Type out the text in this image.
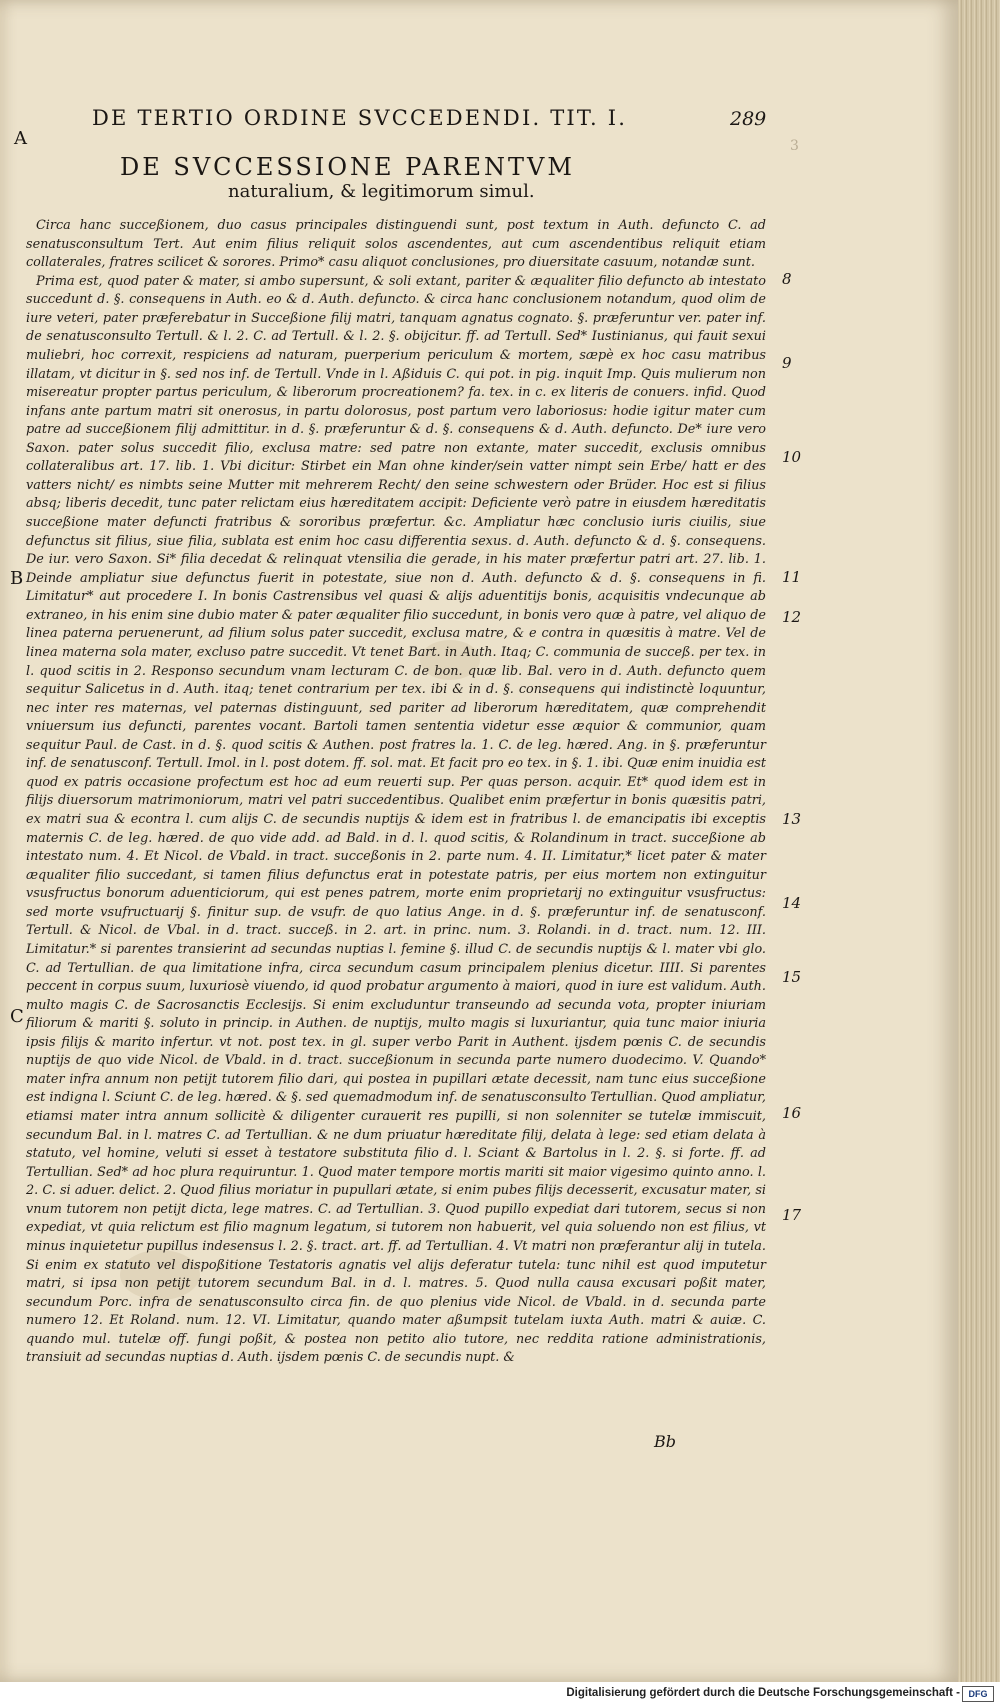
DE TERTIO ORDINE SVCCEDENDI. TIT. I.	289
3
A
B
C
DE SVCCESSIONE PARENTVM
naturalium, & legitimorum simul.

Circa hanc succeßionem, duo casus principales distinguendi sunt, post textum in Auth. defuncto C. ad senatusconsultum Tert. Aut enim filius reliquit solos ascendentes, aut cum ascendentibus reliquit etiam collaterales, fratres scilicet & sorores. Primo* casu aliquot conclusiones, pro diuersitate casuum, notandæ sunt.

Prima est, quod pater & mater, si ambo supersunt, & soli extant, pariter & æqualiter filio defuncto ab intestato succedunt d. §. consequens in Auth. eo & d. Auth. defuncto. & circa hanc conclusionem notandum, quod olim de iure veteri, pater præferebatur in Succeßione filij matri, tanquam agnatus cognato. §. præferuntur ver. pater inf. de senatusconsulto Tertull. & l. 2. C. ad Tertull. & l. 2. §. obijcitur. ff. ad Tertull. Sed* Iustinianus, qui fauit sexui muliebri, hoc correxit, respiciens ad naturam, puerperium periculum & mortem, sæpè ex hoc casu matribus illatam, vt dicitur in §. sed nos inf. de Tertull. Vnde in l. Aßiduis C. qui pot. in pig. inquit Imp. Quis mulierum non misereatur propter partus periculum, & liberorum procreationem? fa. tex. in c. ex literis de conuers. infid. Quod infans ante partum matri sit onerosus, in partu dolorosus, post partum vero laboriosus: hodie igitur mater cum patre ad succeßionem filij admittitur. in d. §. præferuntur & d. §. consequens & d. Auth. defuncto. De* iure vero Saxon. pater solus succedit filio, exclusa matre: sed patre non extante, mater succedit, exclusis omnibus collateralibus art. 17. lib. 1. Vbi dicitur: Stirbet ein Man ohne kinder/sein vatter nimpt sein Erbe/ hatt er des vatters nicht/ es nimbts seine Mutter mit mehrerem Recht/ den seine schwestern oder Brüder. Hoc est si filius absq; liberis decedit, tunc pater relictam eius hæreditatem accipit: Deficiente verò patre in eiusdem hæreditatis succeßione mater defuncti fratribus & sororibus præfertur. &c. Ampliatur hæc conclusio iuris ciuilis, siue defunctus sit filius, siue filia, sublata est enim hoc casu differentia sexus. d. Auth. defuncto & d. §. consequens. De iur. vero Saxon. Si* filia decedat & relinquat vtensilia die gerade, in his mater præfertur patri art. 27. lib. 1. Deinde ampliatur siue defunctus fuerit in potestate, siue non d. Auth. defuncto & d. §. consequens in fi. Limitatur* aut procedere I. In bonis Castrensibus vel quasi & alijs aduentitijs bonis, acquisitis vndecunque ab extraneo, in his enim sine dubio mater & pater æqualiter filio succedunt, in bonis vero quæ à patre, vel aliquo de linea paterna peruenerunt, ad filium solus pater succedit, exclusa matre, & e contra in quæsitis à matre. Vel de linea materna sola mater, excluso patre succedit. Vt tenet Bart. in Auth. Itaq; C. communia de succeß. per tex. in l. quod scitis in 2. Responso secundum vnam lecturam C. de bon. quæ lib. Bal. vero in d. Auth. defuncto quem sequitur Salicetus in d. Auth. itaq; tenet contrarium per tex. ibi & in d. §. consequens qui indistinctè loquuntur, nec inter res maternas, vel paternas distinguunt, sed pariter ad liberorum hæreditatem, quæ comprehendit vniuersum ius defuncti, parentes vocant. Bartoli tamen sententia videtur esse æquior & communior, quam sequitur Paul. de Cast. in d. §. quod scitis & Authen. post fratres la. 1. C. de leg. hæred. Ang. in §. præferuntur inf. de senatusconf. Tertull. Imol. in l. post dotem. ff. sol. mat. Et facit pro eo tex. in §. 1. ibi. Quæ enim inuidia est quod ex patris occasione profectum est hoc ad eum reuerti sup. Per quas person. acquir. Et* quod idem est in filijs diuersorum matrimoniorum, matri vel patri succedentibus. Qualibet enim præfertur in bonis quæsitis patri, ex matri sua & econtra l. cum alijs C. de secundis nuptijs & idem est in fratribus l. de emancipatis ibi exceptis maternis C. de leg. hæred. de quo vide add. ad Bald. in d. l. quod scitis, & Rolandinum in tract. succeßione ab intestato num. 4. Et Nicol. de Vbald. in tract. succeßonis in 2. parte num. 4. II. Limitatur,* licet pater & mater æqualiter filio succedant, si tamen filius defunctus erat in potestate patris, per eius mortem non extinguitur vsusfructus bonorum aduenticiorum, qui est penes patrem, morte enim proprietarij no extinguitur vsusfructus: sed morte vsufructuarij §. finitur sup. de vsufr. de quo latius Ange. in d. §. præferuntur inf. de senatusconf. Tertull. & Nicol. de Vbal. in d. tract. succeß. in 2. art. in princ. num. 3. Rolandi. in d. tract. num. 12. III. Limitatur.* si parentes transierint ad secundas nuptias l. femine §. illud C. de secundis nuptijs & l. mater vbi glo. C. ad Tertullian. de qua limitatione infra, circa secundum casum principalem plenius dicetur. IIII. Si parentes peccent in corpus suum, luxuriosè viuendo, id quod probatur argumento à maiori, quod in iure est validum. Auth. multo magis C. de Sacrosanctis Ecclesijs. Si enim excluduntur transeundo ad secunda vota, propter iniuriam filiorum & mariti §. soluto in princip. in Authen. de nuptijs, multo magis si luxuriantur, quia tunc maior iniuria ipsis filijs & marito infertur. vt not. post tex. in gl. super verbo Parit in Authent. ijsdem pœnis C. de secundis nuptijs de quo vide Nicol. de Vbald. in d. tract. succeßionum in secunda parte numero duodecimo. V. Quando* mater infra annum non petijt tutorem filio dari, qui postea in pupillari ætate decessit, nam tunc eius succeßione est indigna l. Sciunt C. de leg. hæred. & §. sed quemadmodum inf. de senatusconsulto Tertullian. Quod ampliatur, etiamsi mater intra annum sollicitè & diligenter curauerit res pupilli, si non solenniter se tutelæ immiscuit, secundum Bal. in l. matres C. ad Tertullian. & ne dum priuatur hæreditate filij, delata à lege: sed etiam delata à statuto, vel homine, veluti si esset à testatore substituta filio d. l. Sciant & Bartolus in l. 2. §. si forte. ff. ad Tertullian. Sed* ad hoc plura requiruntur. 1. Quod mater tempore mortis mariti sit maior vigesimo quinto anno. l. 2. C. si aduer. delict. 2. Quod filius moriatur in pupullari ætate, si enim pubes filijs decesserit, excusatur mater, si vnum tutorem non petijt dicta, lege matres. C. ad Tertullian. 3. Quod pupillo expediat dari tutorem, secus si non expediat, vt quia relictum est filio magnum legatum, si tutorem non habuerit, vel quia soluendo non est filius, vt minus inquietetur pupillus indesensus l. 2. §. tract. art. ff. ad Tertullian. 4. Vt matri non præferantur alij in tutela. Si enim ex statuto vel dispoßitione Testatoris agnatis vel alijs deferatur tutela: tunc nihil est quod imputetur matri, si ipsa non petijt tutorem secundum Bal. in d. l. matres. 5. Quod nulla causa excusari poßit mater, secundum Porc. infra de senatusconsulto circa fin. de quo plenius vide Nicol. de Vbald. in d. secunda parte numero 12. Et Roland. num. 12. VI. Limitatur, quando mater aßumpsit tutelam iuxta Auth. matri & auiæ. C. quando mul. tutelæ off. fungi poßit, & postea non petito alio tutore, nec reddita ratione administrationis, transiuit ad secundas nuptias d. Auth. ijsdem pœnis C. de secundis nupt. &

8
9
10
11
12
13
14
15
16
17
Bb
Digitalisierung gefördert durch die Deutsche Forschungsgemeinschaft - DFG
